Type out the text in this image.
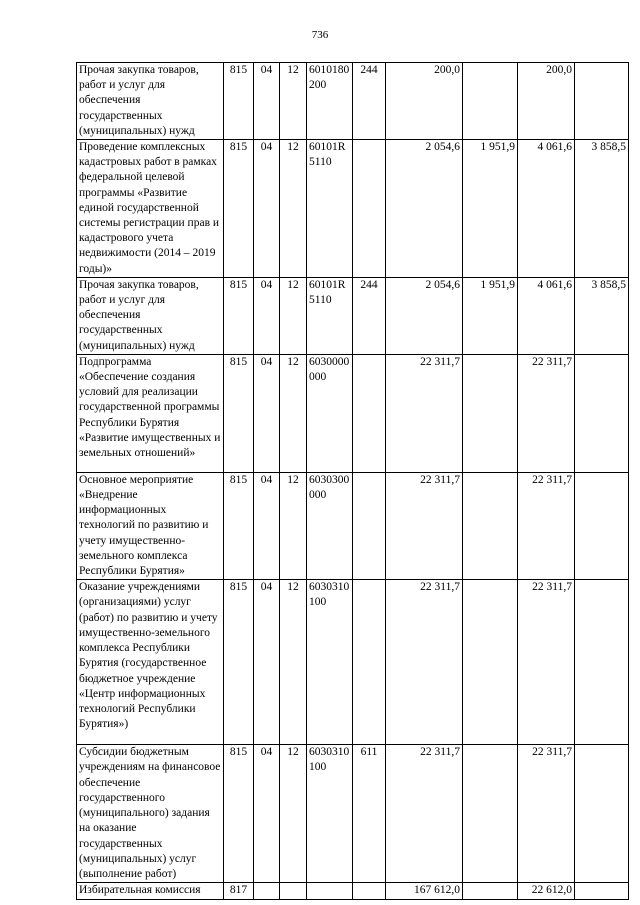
736
Прочая закупка товаров, работ и услуг для обеспечения государственных (муниципальных) нужд	815	04	12	6010180200	244	200,0		200,0	
Проведение комплексных кадастровых работ в рамках федеральной целевой программы «Развитие единой государственной системы регистрации прав и кадастрового учета недвижимости (2014 – 2019 годы)»	815	04	12	60101R5110		2 054,6	1 951,9	4 061,6	3 858,5
Прочая закупка товаров, работ и услуг для обеспечения государственных (муниципальных) нужд	815	04	12	60101R5110	244	2 054,6	1 951,9	4 061,6	3 858,5
Подпрограмма «Обеспечение создания условий для реализации государственной программы Республики Бурятия «Развитие имущественных и земельных отношений»	815	04	12	6030000000		22 311,7		22 311,7	
Основное мероприятие «Внедрение информационных технологий по развитию и учету имущественно-земельного комплекса Республики Бурятия»	815	04	12	6030300000		22 311,7		22 311,7	
Оказание учреждениями (организациями) услуг (работ) по развитию и учету имущественно-земельного комплекса Республики Бурятия (государственное бюджетное учреждение «Центр информационных технологий Республики Бурятия»)	815	04	12	6030310100		22 311,7		22 311,7	
Субсидии бюджетным учреждениям на финансовое обеспечение государственного (муниципального) задания на оказание государственных (муниципальных) услуг (выполнение работ)	815	04	12	6030310100	611	22 311,7		22 311,7	
Избирательная комиссия	817					167 612,0		22 612,0	
